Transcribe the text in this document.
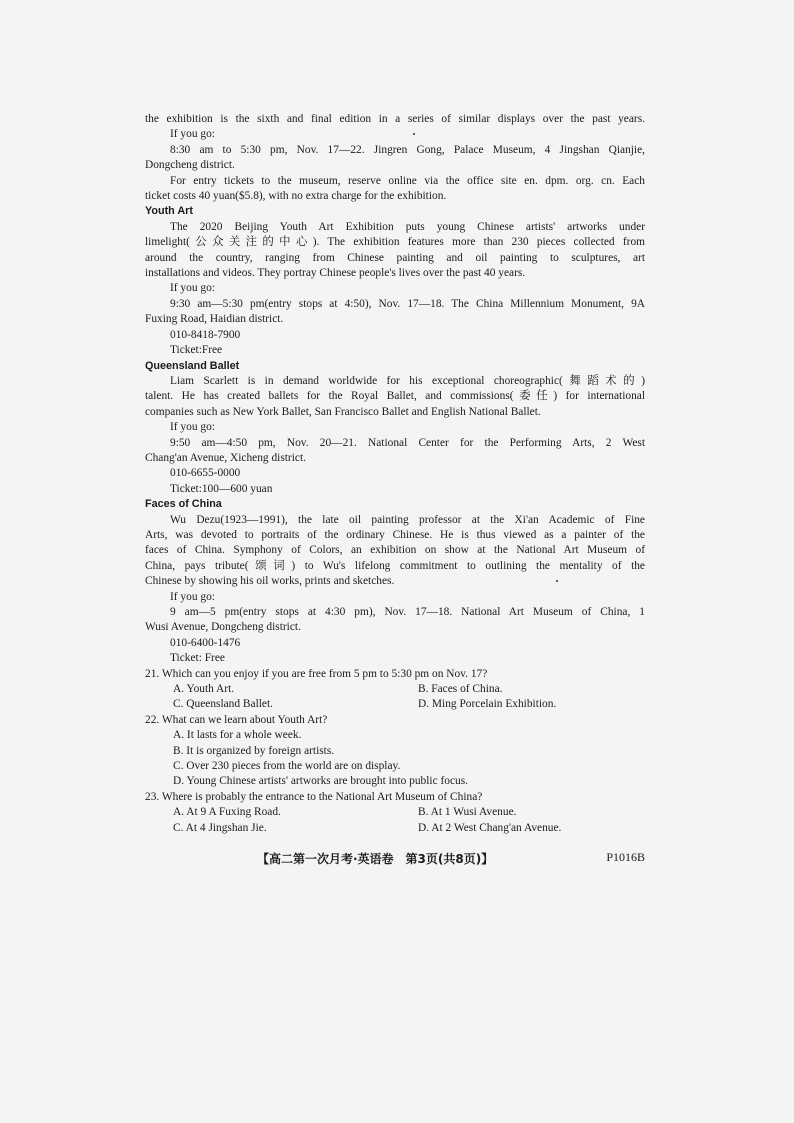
the exhibition is the sixth and final edition in a series of similar displays over the past years.
If you go:
8:30 am to 5:30 pm, Nov. 17—22. Jingren Gong, Palace Museum, 4 Jingshan Qianjie,
Dongcheng district.
For entry tickets to the museum, reserve online via the office site en. dpm. org. cn. Each
ticket costs 40 yuan($5.8), with no extra charge for the exhibition.
Youth Art
The 2020 Beijing Youth Art Exhibition puts young Chinese artists' artworks under
limelight(公众关注的中心). The exhibition features more than 230 pieces collected from
around the country, ranging from Chinese painting and oil painting to sculptures, art
installations and videos. They portray Chinese people's lives over the past 40 years.
If you go:
9:30 am—5:30 pm(entry stops at 4:50), Nov. 17—18. The China Millennium Monument, 9A
Fuxing Road, Haidian district.
010-8418-7900
Ticket:Free
Queensland Ballet
Liam Scarlett is in demand worldwide for his exceptional choreographic(舞蹈术的)
talent. He has created ballets for the Royal Ballet, and commissions(委任) for international
companies such as New York Ballet, San Francisco Ballet and English National Ballet.
If you go:
9:50 am—4:50 pm, Nov. 20—21. National Center for the Performing Arts, 2 West
Chang'an Avenue, Xicheng district.
010-6655-0000
Ticket:100—600 yuan
Faces of China
Wu Dezu(1923—1991), the late oil painting professor at the Xi'an Academic of Fine
Arts, was devoted to portraits of the ordinary Chinese. He is thus viewed as a painter of the
faces of China. Symphony of Colors, an exhibition on show at the National Art Museum of
China, pays tribute(颂词) to Wu's lifelong commitment to outlining the mentality of the
Chinese by showing his oil works, prints and sketches.
If you go:
9 am—5 pm(entry stops at 4:30 pm), Nov. 17—18. National Art Museum of China, 1
Wusi Avenue, Dongcheng district.
010-6400-1476
Ticket: Free
21. Which can you enjoy if you are free from 5 pm to 5:30 pm on Nov. 17?
A. Youth Art.	B. Faces of China.
C. Queensland Ballet.	D. Ming Porcelain Exhibition.
22. What can we learn about Youth Art?
A. It lasts for a whole week.
B. It is organized by foreign artists.
C. Over 230 pieces from the world are on display.
D. Young Chinese artists' artworks are brought into public focus.
23. Where is probably the entrance to the National Art Museum of China?
A. At 9 A Fuxing Road.	B. At 1 Wusi Avenue.
C. At 4 Jingshan Jie.	D. At 2 West Chang'an Avenue.
【高二第一次月考·英语卷　第3页(共8页)】	P1016B
